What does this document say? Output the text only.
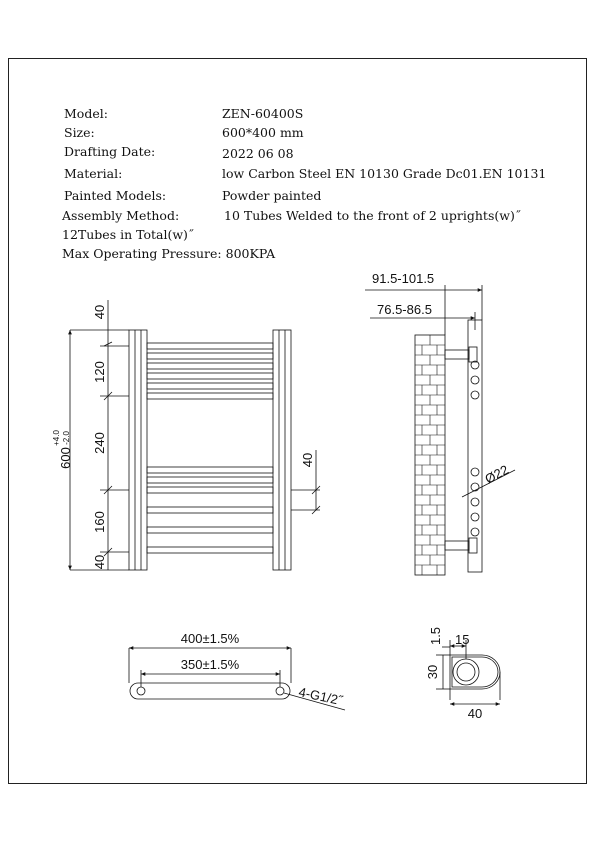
Model:	ZEN-60400S
Size:	600*400 mm
Drafting Date:	2022 06 08
Material:	low Carbon Steel EN 10130 Grade Dc01.EN 10131
Painted Models:	Powder painted
Assembly Method:	10 Tubes Welded to the front of 2 uprights(w)˝
12Tubes in Total(w)˝
Max Operating Pressure: 800KPA
40
120
240
160
40
40
600
+4.0 -2.0
91.5-101.5
76.5-86.5
Ø22
400±1.5%
350±1.5%
4-G1/2˝
1.5 15
30
40
